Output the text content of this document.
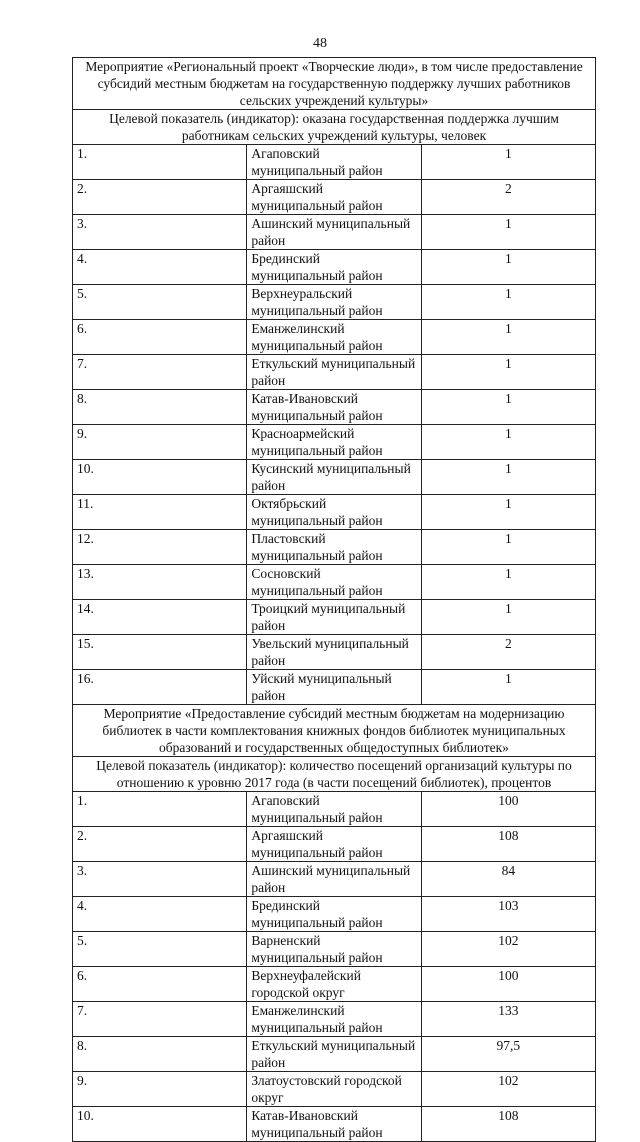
48
Мероприятие «Региональный проект «Творческие люди», в том числе предоставление субсидий местным бюджетам на государственную поддержку лучших работников сельских учреждений культуры»		
Целевой показатель (индикатор): оказана государственная поддержка лучшим работникам сельских учреждений культуры, человек		
1.	Агаповский муниципальный район	1
2.	Аргаяшский муниципальный район	2
3.	Ашинский муниципальный район	1
4.	Брединский муниципальный район	1
5.	Верхнеуральский муниципальный район	1
6.	Еманжелинский муниципальный район	1
7.	Еткульский муниципальный район	1
8.	Катав-Ивановский муниципальный район	1
9.	Красноармейский муниципальный район	1
10.	Кусинский муниципальный район	1
11.	Октябрьский муниципальный район	1
12.	Пластовский муниципальный район	1
13.	Сосновский муниципальный район	1
14.	Троицкий муниципальный район	1
15.	Увельский муниципальный район	2
16.	Уйский муниципальный район	1
Мероприятие «Предоставление субсидий местным бюджетам на модернизацию библиотек в части комплектования книжных фондов библиотек муниципальных образований и государственных общедоступных библиотек»		
Целевой показатель (индикатор): количество посещений организаций культуры по отношению к уровню 2017 года (в части посещений библиотек), процентов		
1.	Агаповский муниципальный район	100
2.	Аргаяшский муниципальный район	108
3.	Ашинский муниципальный район	84
4.	Брединский муниципальный район	103
5.	Варненский муниципальный район	102
6.	Верхнеуфалейский городской округ	100
7.	Еманжелинский муниципальный район	133
8.	Еткульский муниципальный район	97,5
9.	Златоустовский городской округ	102
10.	Катав-Ивановский муниципальный район	108
